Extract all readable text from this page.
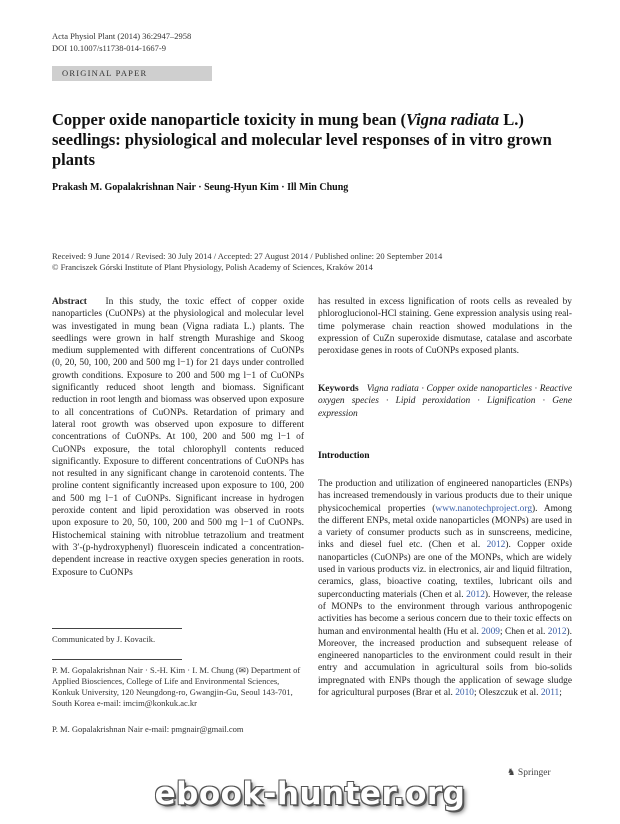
Acta Physiol Plant (2014) 36:2947–2958
DOI 10.1007/s11738-014-1667-9
ORIGINAL PAPER
Copper oxide nanoparticle toxicity in mung bean (Vigna radiata L.) seedlings: physiological and molecular level responses of in vitro grown plants
Prakash M. Gopalakrishnan Nair · Seung-Hyun Kim · Ill Min Chung
Received: 9 June 2014 / Revised: 30 July 2014 / Accepted: 27 August 2014 / Published online: 20 September 2014
© Franciszek Górski Institute of Plant Physiology, Polish Academy of Sciences, Kraków 2014

Abstract In this study, the toxic effect of copper oxide nanoparticles (CuONPs) at the physiological and molecular level was investigated in mung bean (Vigna radiata L.) plants. The seedlings were grown in half strength Murashige and Skoog medium supplemented with different concentrations of CuONPs (0, 20, 50, 100, 200 and 500 mg l−1) for 21 days under controlled growth conditions. Exposure to 200 and 500 mg l−1 of CuONPs significantly reduced shoot length and biomass. Significant reduction in root length and biomass was observed upon exposure to all concentrations of CuONPs. Retardation of primary and lateral root growth was observed upon exposure to different concentrations of CuONPs. At 100, 200 and 500 mg l−1 of CuONPs exposure, the total chlorophyll contents reduced significantly. Exposure to different concentrations of CuONPs has not resulted in any significant change in carotenoid contents. The proline content significantly increased upon exposure to 100, 200 and 500 mg l−1 of CuONPs. Significant increase in hydrogen peroxide content and lipid peroxidation was observed in roots upon exposure to 20, 50, 100, 200 and 500 mg l−1 of CuONPs. Histochemical staining with nitroblue tetrazolium and treatment with 3′-(p-hydroxyphenyl) fluorescein indicated a concentration-dependent increase in reactive oxygen species generation in roots. Exposure to CuONPs

has resulted in excess lignification of roots cells as revealed by phloroglucionol-HCl staining. Gene expression analysis using real-time polymerase chain reaction showed modulations in the expression of CuZn superoxide dismutase, catalase and ascorbate peroxidase genes in roots of CuONPs exposed plants.

Keywords Vigna radiata · Copper oxide nanoparticles · Reactive oxygen species · Lipid peroxidation · Lignification · Gene expression

Introduction

The production and utilization of engineered nanoparticles (ENPs) has increased tremendously in various products due to their unique physicochemical properties (www.nanotechproject.org). Among the different ENPs, metal oxide nanoparticles (MONPs) are used in a variety of consumer products such as in sunscreens, medicine, inks and diesel fuel etc. (Chen et al. 2012). Copper oxide nanoparticles (CuONPs) are one of the MONPs, which are widely used in various products viz. in electronics, air and liquid filtration, ceramics, glass, bioactive coating, textiles, lubricant oils and superconducting materials (Chen et al. 2012). However, the release of MONPs to the environment through various anthropogenic activities has become a serious concern due to their toxic effects on human and environmental health (Hu et al. 2009; Chen et al. 2012). Moreover, the increased production and subsequent release of engineered nanoparticles to the environment could result in their entry and accumulation in agricultural soils from bio-solids impregnated with ENPs though the application of sewage sludge for agricultural purposes (Brar et al. 2010; Oleszczuk et al. 2011;

Communicated by J. Kovacik.
P. M. Gopalakrishnan Nair · S.-H. Kim · I. M. Chung (✉) Department of Applied Biosciences, College of Life and Environmental Sciences, Konkuk University, 120 Neungdong-ro, Gwangjin-Gu, Seoul 143-701, South Korea e-mail: imcim@konkuk.ac.kr
P. M. Gopalakrishnan Nair e-mail: pmgnair@gmail.com
♞ Springer
ebook-hunter.org
